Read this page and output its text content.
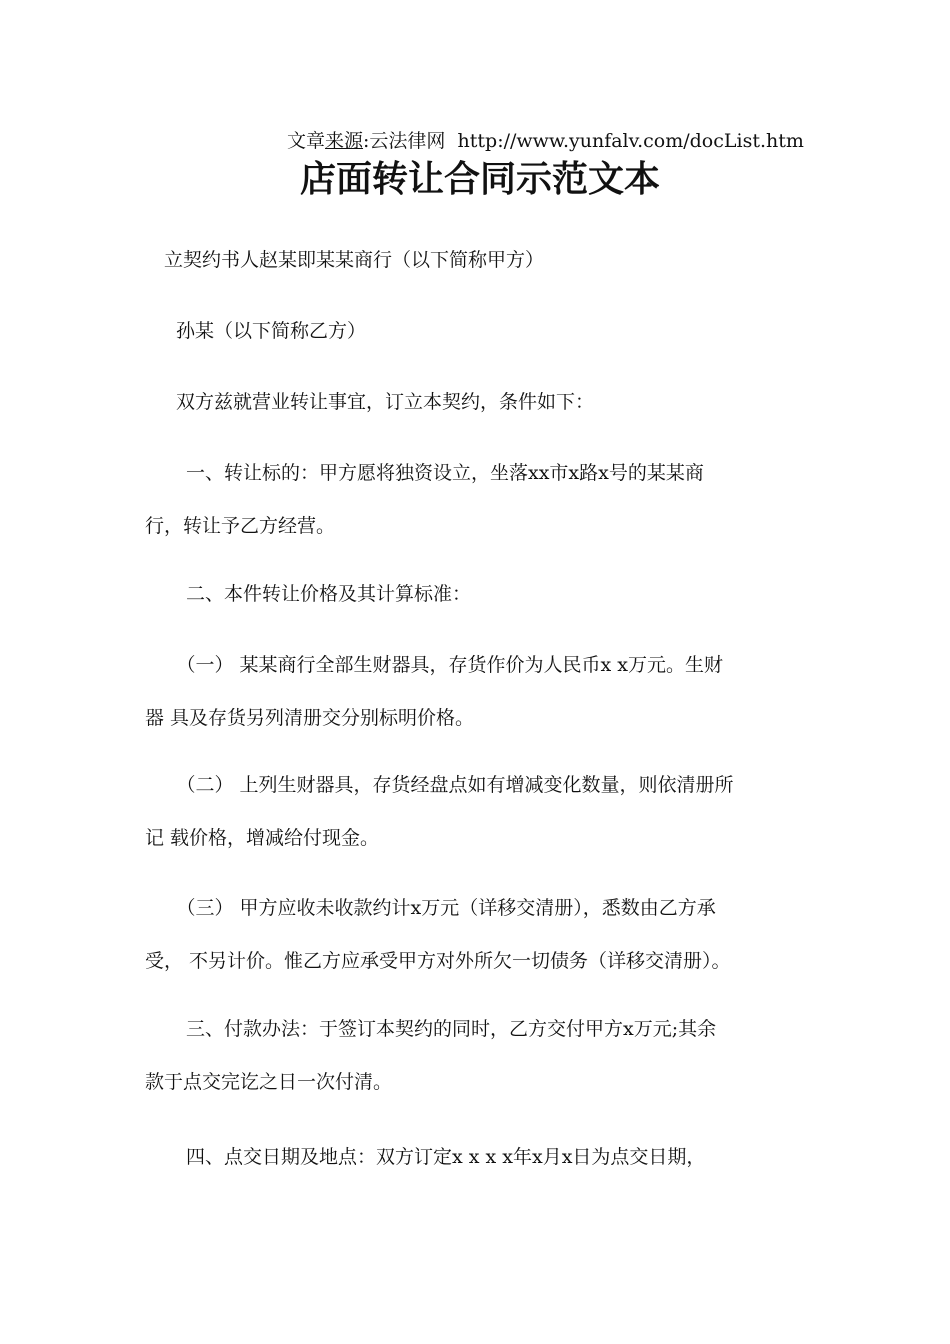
文章来源:云法律网 http://www.yunfalv.com/docList.htm
店面转让合同示范文本
　立契约书人赵某即某某商行（以下简称甲方）
孙某（以下简称乙方）
双方兹就营业转让事宜，订立本契约，条件如下：
　一、转让标的：甲方愿将独资设立，坐落xx市x路x号的某某商
行，转让予乙方经营。
　二、本件转让价格及其计算标准：
　（一） 某某商行全部生财器具，存货作价为人民币x x万元。生财
器 具及存货另列清册交分别标明价格。
　（二） 上列生财器具，存货经盘点如有增减变化数量，则依清册所
记 载价格，增减给付现金。
　（三） 甲方应收未收款约计x万元（详移交清册），悉数由乙方承
受， 不另计价。惟乙方应承受甲方对外所欠一切债务（详移交清册）。
　三、付款办法：于签订本契约的同时，乙方交付甲方x万元;其余
款于点交完讫之日一次付清。
　四、点交日期及地点：双方订定x x x x年x月x日为点交日期，
